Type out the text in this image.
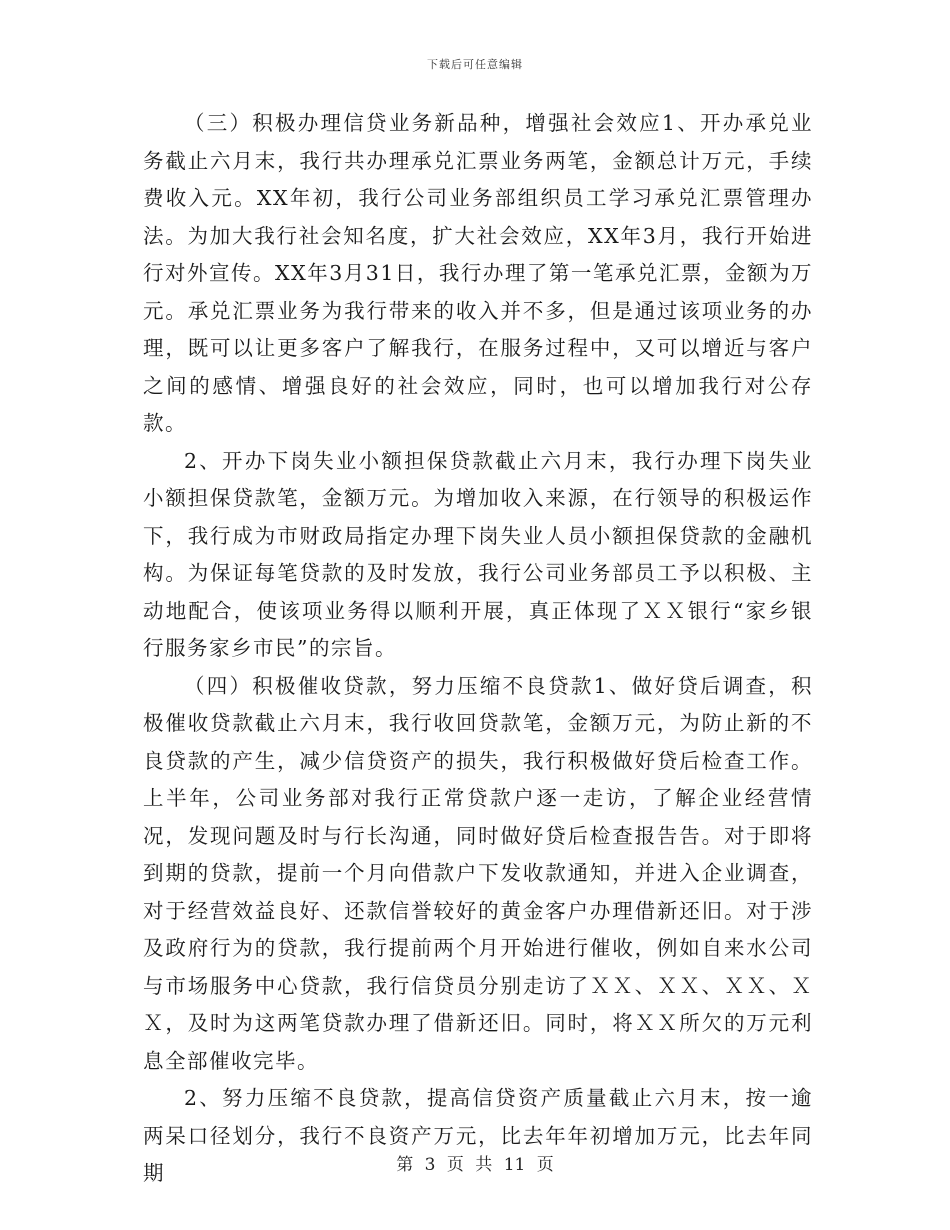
下载后可任意编辑

（三）积极办理信贷业务新品种，增强社会效应1、开办承兑业务截止六月末，我行共办理承兑汇票业务两笔，金额总计万元，手续费收入元。XX年初，我行公司业务部组织员工学习承兑汇票管理办法。为加大我行社会知名度，扩大社会效应，XX年3月，我行开始进行对外宣传。XX年3月31日，我行办理了第一笔承兑汇票，金额为万元。承兑汇票业务为我行带来的收入并不多，但是通过该项业务的办理，既可以让更多客户了解我行，在服务过程中，又可以增近与客户之间的感情、增强良好的社会效应，同时，也可以增加我行对公存款。

2、开办下岗失业小额担保贷款截止六月末，我行办理下岗失业小额担保贷款笔，金额万元。为增加收入来源，在行领导的积极运作下，我行成为市财政局指定办理下岗失业人员小额担保贷款的金融机构。为保证每笔贷款的及时发放，我行公司业务部员工予以积极、主动地配合，使该项业务得以顺利开展，真正体现了ＸＸ银行“家乡银行服务家乡市民”的宗旨。

（四）积极催收贷款，努力压缩不良贷款1、做好贷后调查，积极催收贷款截止六月末，我行收回贷款笔，金额万元，为防止新的不良贷款的产生，减少信贷资产的损失，我行积极做好贷后检查工作。上半年，公司业务部对我行正常贷款户逐一走访，了解企业经营情况，发现问题及时与行长沟通，同时做好贷后检查报告告。对于即将到期的贷款，提前一个月向借款户下发收款通知，并进入企业调查，对于经营效益良好、还款信誉较好的黄金客户办理借新还旧。对于涉及政府行为的贷款，我行提前两个月开始进行催收，例如自来水公司与市场服务中心贷款，我行信贷员分别走访了ＸＸ、ＸＸ、ＸＸ、ＸＸ，及时为这两笔贷款办理了借新还旧。同时，将ＸＸ所欠的万元利息全部催收完毕。

2、努力压缩不良贷款，提高信贷资产质量截止六月末，按一逾两呆口径划分，我行不良资产万元，比去年年初增加万元，比去年同期	第 3 页 共 11 页
